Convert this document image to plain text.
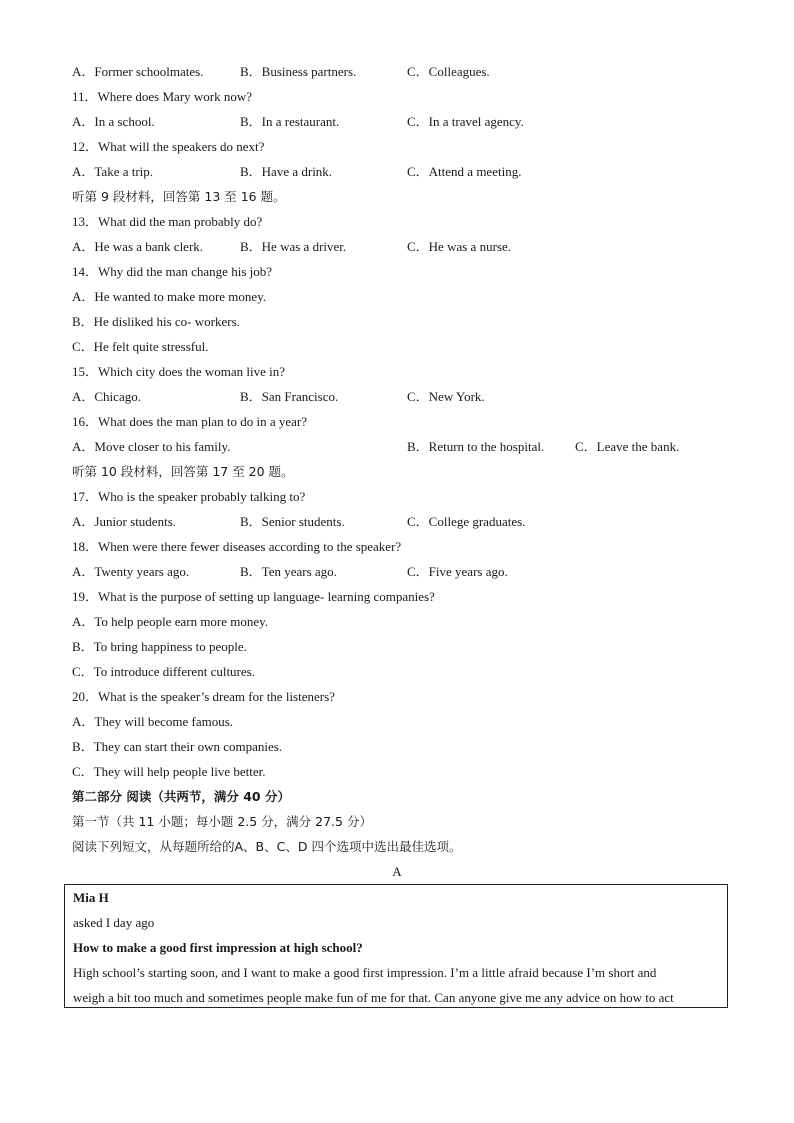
A．Former schoolmates.	B．Business partners.	C．Colleagues.
11．Where does Mary work now?
A．In a school.	B．In a restaurant.	C．In a travel agency.
12．What will the speakers do next?
A．Take a trip.	B．Have a drink.	C．Attend a meeting.
听第 9 段材料，回答第 13 至 16 题。
13．What did the man probably do?
A．He was a bank clerk.	B．He was a driver.	C．He was a nurse.
14．Why did the man change his job?
A．He wanted to make more money.
B．He disliked his co- workers.
C．He felt quite stressful.
15．Which city does the woman live in?
A．Chicago.	B．San Francisco.	C．New York.
16．What does the man plan to do in a year?
A．Move closer to his family.	B．Return to the hospital. C．Leave the bank.
听第 10 段材料，回答第 17 至 20 题。
17．Who is the speaker probably talking to?
A．Junior students.	B．Senior students.	C．College graduates.
18．When were there fewer diseases according to the speaker?
A．Twenty years ago.	B．Ten years ago.	C．Five years ago.
19．What is the purpose of setting up language- learning companies?
A．To help people earn more money.
B．To bring happiness to people.
C．To introduce different cultures.
20．What is the speaker’s dream for the listeners?
A．They will become famous.
B．They can start their own companies.
C．They will help people live better.
第二部分 阅读（共两节，满分 40 分）
第一节（共 11 小题；每小题 2.5 分，满分 27.5 分）
阅读下列短文，从每题所给的A、B、C、D 四个选项中选出最佳选项。
A
Mia H
asked I day ago
How to make a good first impression at high school?
High school’s starting soon, and I want to make a good first impression. I’m a little afraid because I’m short and
weigh a bit too much and sometimes people make fun of me for that. Can anyone give me any advice on how to act
